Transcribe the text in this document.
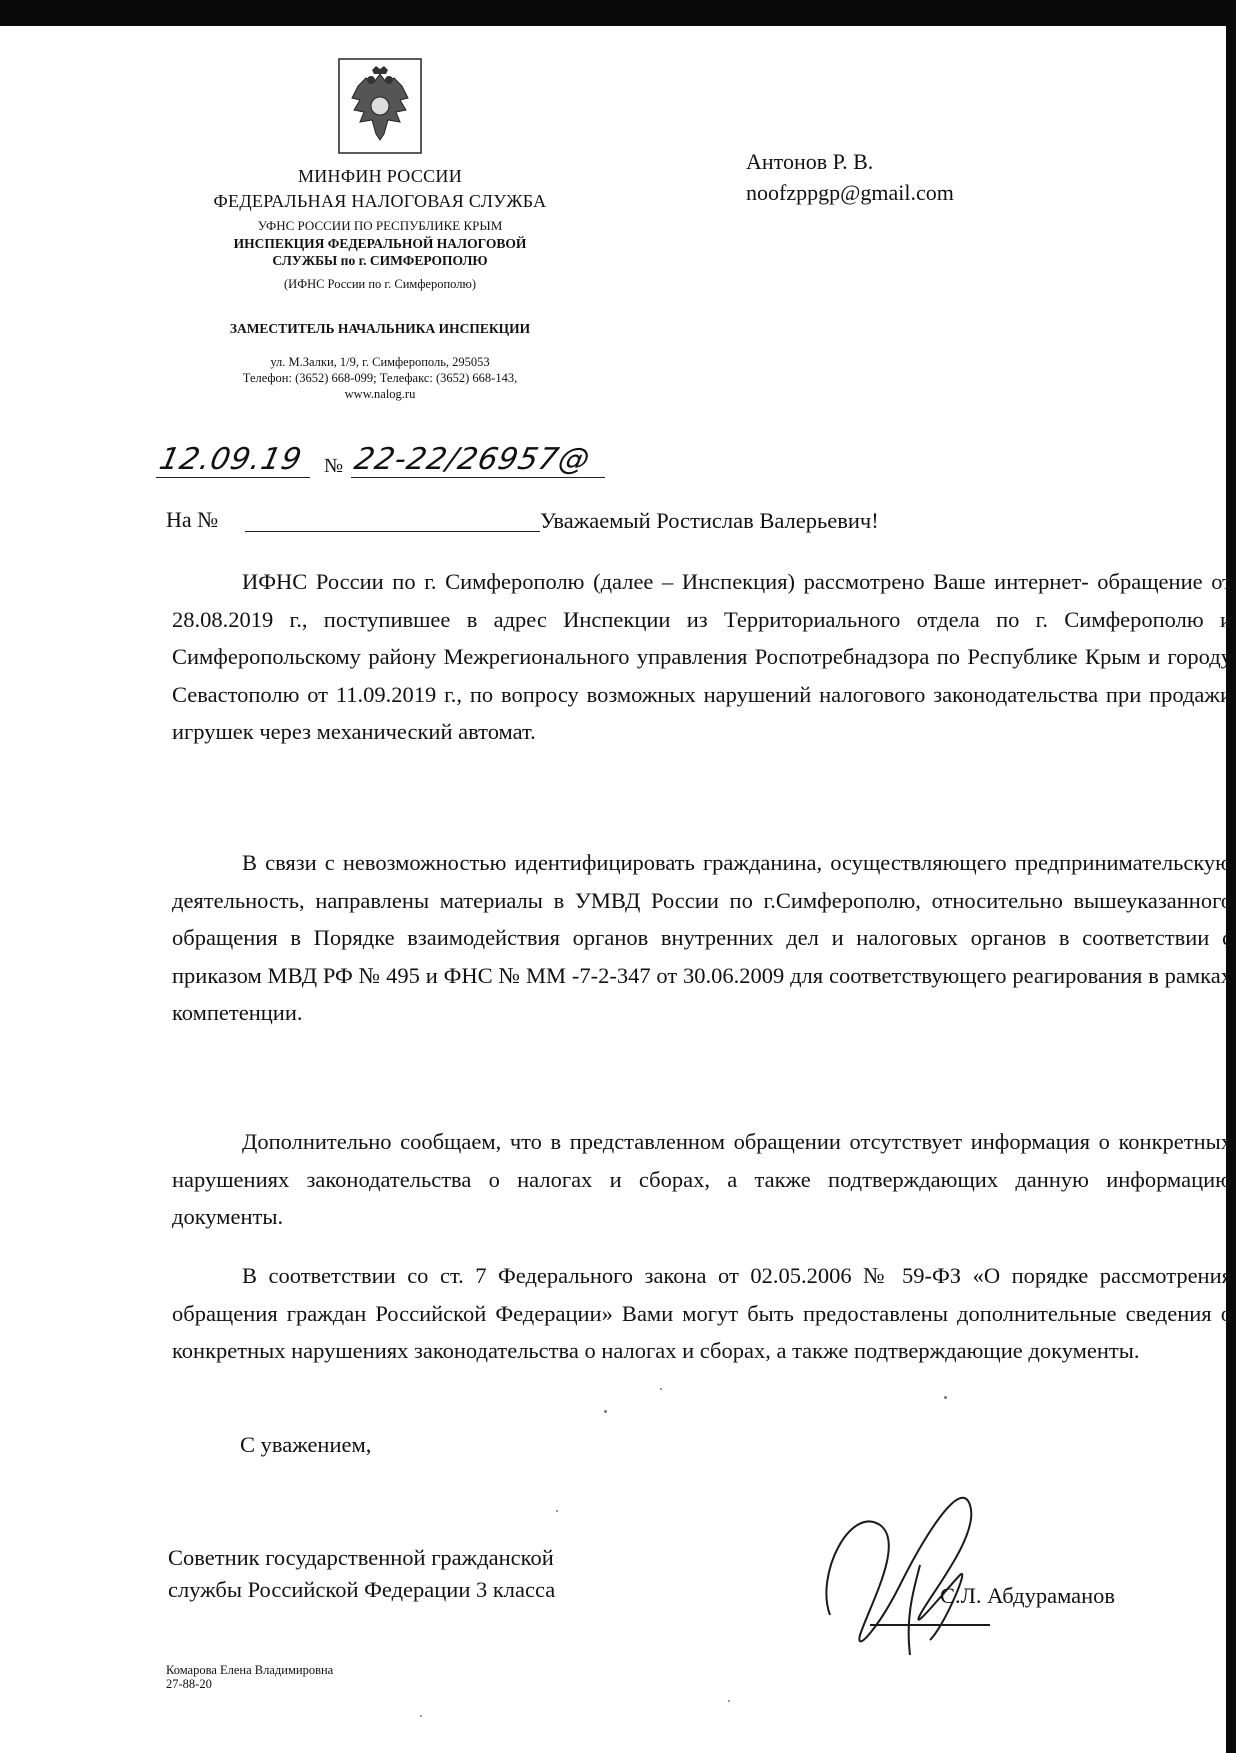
МИНФИН РОССИИ
ФЕДЕРАЛЬНАЯ НАЛОГОВАЯ СЛУЖБА
УФНС РОССИИ ПО РЕСПУБЛИКЕ КРЫМ
ИНСПЕКЦИЯ ФЕДЕРАЛЬНОЙ НАЛОГОВОЙ
СЛУЖБЫ по г. СИМФЕРОПОЛЮ
(ИФНС России по г. Симферополю)
ЗАМЕСТИТЕЛЬ НАЧАЛЬНИКА ИНСПЕКЦИИ
ул. М.Залки, 1/9, г. Симферополь, 295053
Телефон: (3652) 668-099; Телефакс: (3652) 668-143,
www.nalog.ru
Антонов Р. В.
noofzppgp@gmail.com
12.09.19 № 22-22/26957@
На №	Уважаемый Ростислав Валерьевич!

ИФНС России по г. Симферополю (далее – Инспекция) рассмотрено Ваше интернет- обращение от 28.08.2019 г., поступившее в адрес Инспекции из Территориального отдела по г. Симферополю и Симферопольскому району Межрегионального управления Роспотребнадзора по Республике Крым и городу Севастополю от 11.09.2019 г., по вопросу возможных нарушений налогового законодательства при продажи игрушек через механический автомат.

В связи с невозможностью идентифицировать гражданина, осуществляющего предпринимательскую деятельность, направлены материалы в УМВД России по г.Симферополю, относительно вышеуказанного обращения в Порядке взаимодействия органов внутренних дел и налоговых органов в соответствии с приказом МВД РФ № 495 и ФНС № ММ -7-2-347 от 30.06.2009 для соответствующего реагирования в рамках компетенции.

Дополнительно сообщаем, что в представленном обращении отсутствует информация о конкретных нарушениях законодательства о налогах и сборах, а также подтверждающих данную информацию документы.

В соответствии со ст. 7 Федерального закона от 02.05.2006 № 59-ФЗ «О порядке рассмотрения обращения граждан Российской Федерации» Вами могут быть предоставлены дополнительные сведения о конкретных нарушениях законодательства о налогах и сборах, а также подтверждающие документы.

С уважением,
Советник государственной гражданской
службы Российской Федерации 3 класса	С.Л. Абдураманов
Комарова Елена Владимировна
27-88-20
